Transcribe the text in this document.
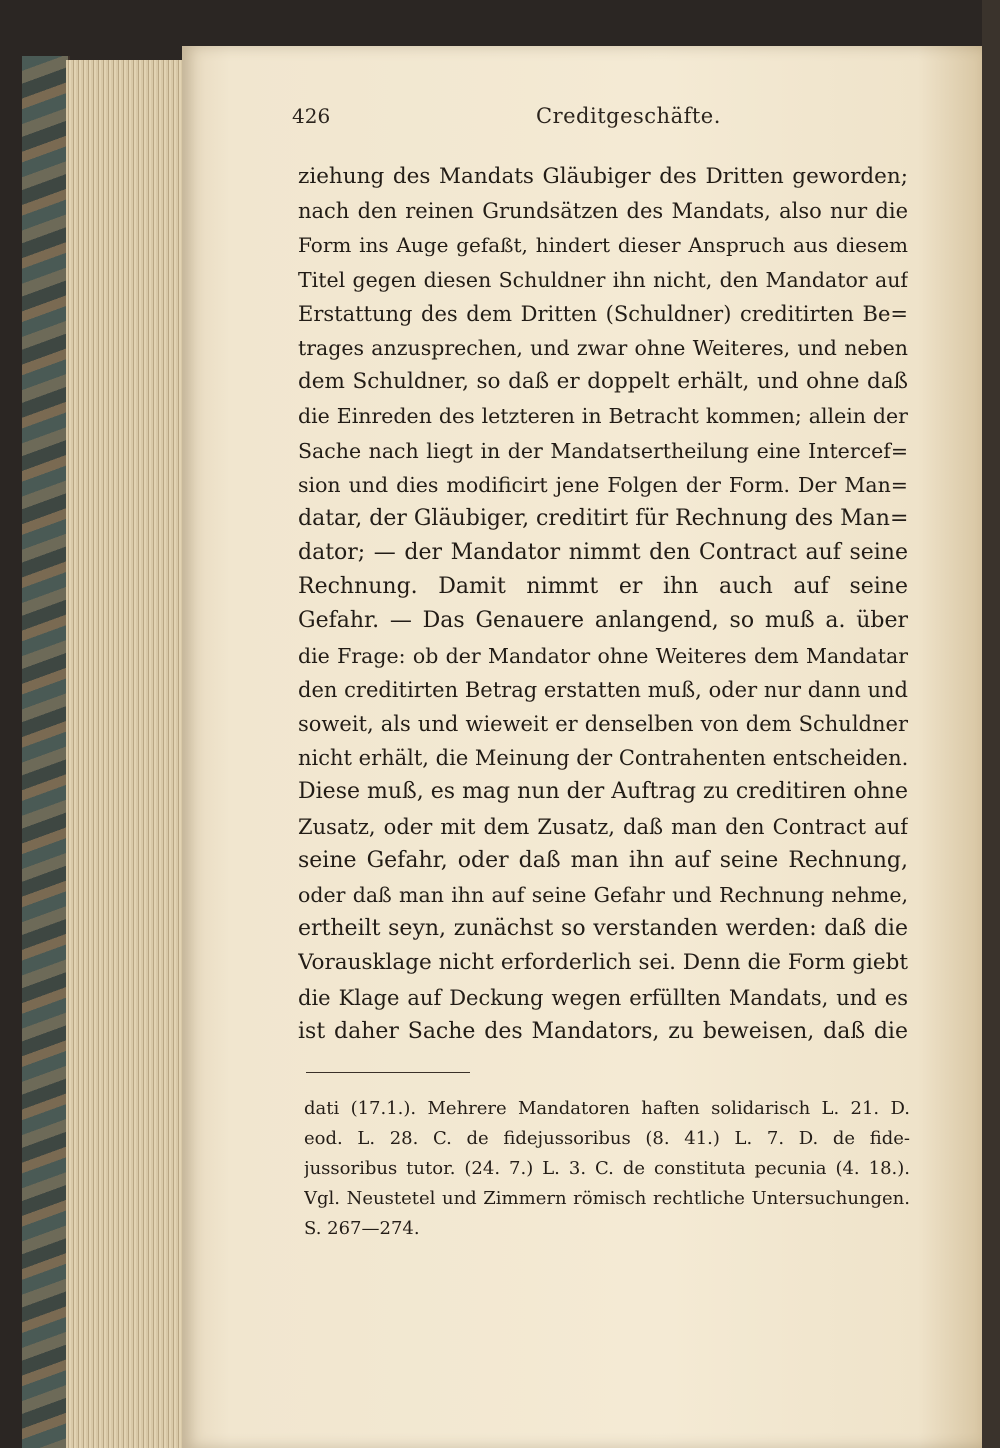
426	Creditgeschäfte.
ziehung des Mandats Gläubiger des Dritten geworden;
nach den reinen Grundsätzen des Mandats, also nur die
Form ins Auge gefaßt, hindert dieser Anspruch aus diesem
Titel gegen diesen Schuldner ihn nicht, den Mandator auf
Erstattung des dem Dritten (Schuldner) creditirten Be=
trages anzusprechen, und zwar ohne Weiteres, und neben
dem Schuldner, so daß er doppelt erhält, und ohne daß
die Einreden des letzteren in Betracht kommen; allein der
Sache nach liegt in der Mandatsertheilung eine Intercef=
sion und dies modificirt jene Folgen der Form. Der Man=
datar, der Gläubiger, creditirt für Rechnung des Man=
dator; — der Mandator nimmt den Contract auf seine
Rechnung. Damit nimmt er ihn auch auf seine
Gefahr. — Das Genauere anlangend, so muß a. über
die Frage: ob der Mandator ohne Weiteres dem Mandatar
den creditirten Betrag erstatten muß, oder nur dann und
soweit, als und wieweit er denselben von dem Schuldner
nicht erhält, die Meinung der Contrahenten entscheiden.
Diese muß, es mag nun der Auftrag zu creditiren ohne
Zusatz, oder mit dem Zusatz, daß man den Contract auf
seine Gefahr, oder daß man ihn auf seine Rechnung,
oder daß man ihn auf seine Gefahr und Rechnung nehme,
ertheilt seyn, zunächst so verstanden werden: daß die
Vorausklage nicht erforderlich sei. Denn die Form giebt
die Klage auf Deckung wegen erfüllten Mandats, und es
ist daher Sache des Mandators, zu beweisen, daß die
dati (17.1.). Mehrere Mandatoren haften solidarisch L. 21. D.
eod. L. 28. C. de fidejussoribus (8. 41.) L. 7. D. de fide-
jussoribus tutor. (24. 7.) L. 3. C. de constituta pecunia (4. 18.).
Vgl. Neustetel und Zimmern römisch rechtliche Untersuchungen.
S. 267—274.
